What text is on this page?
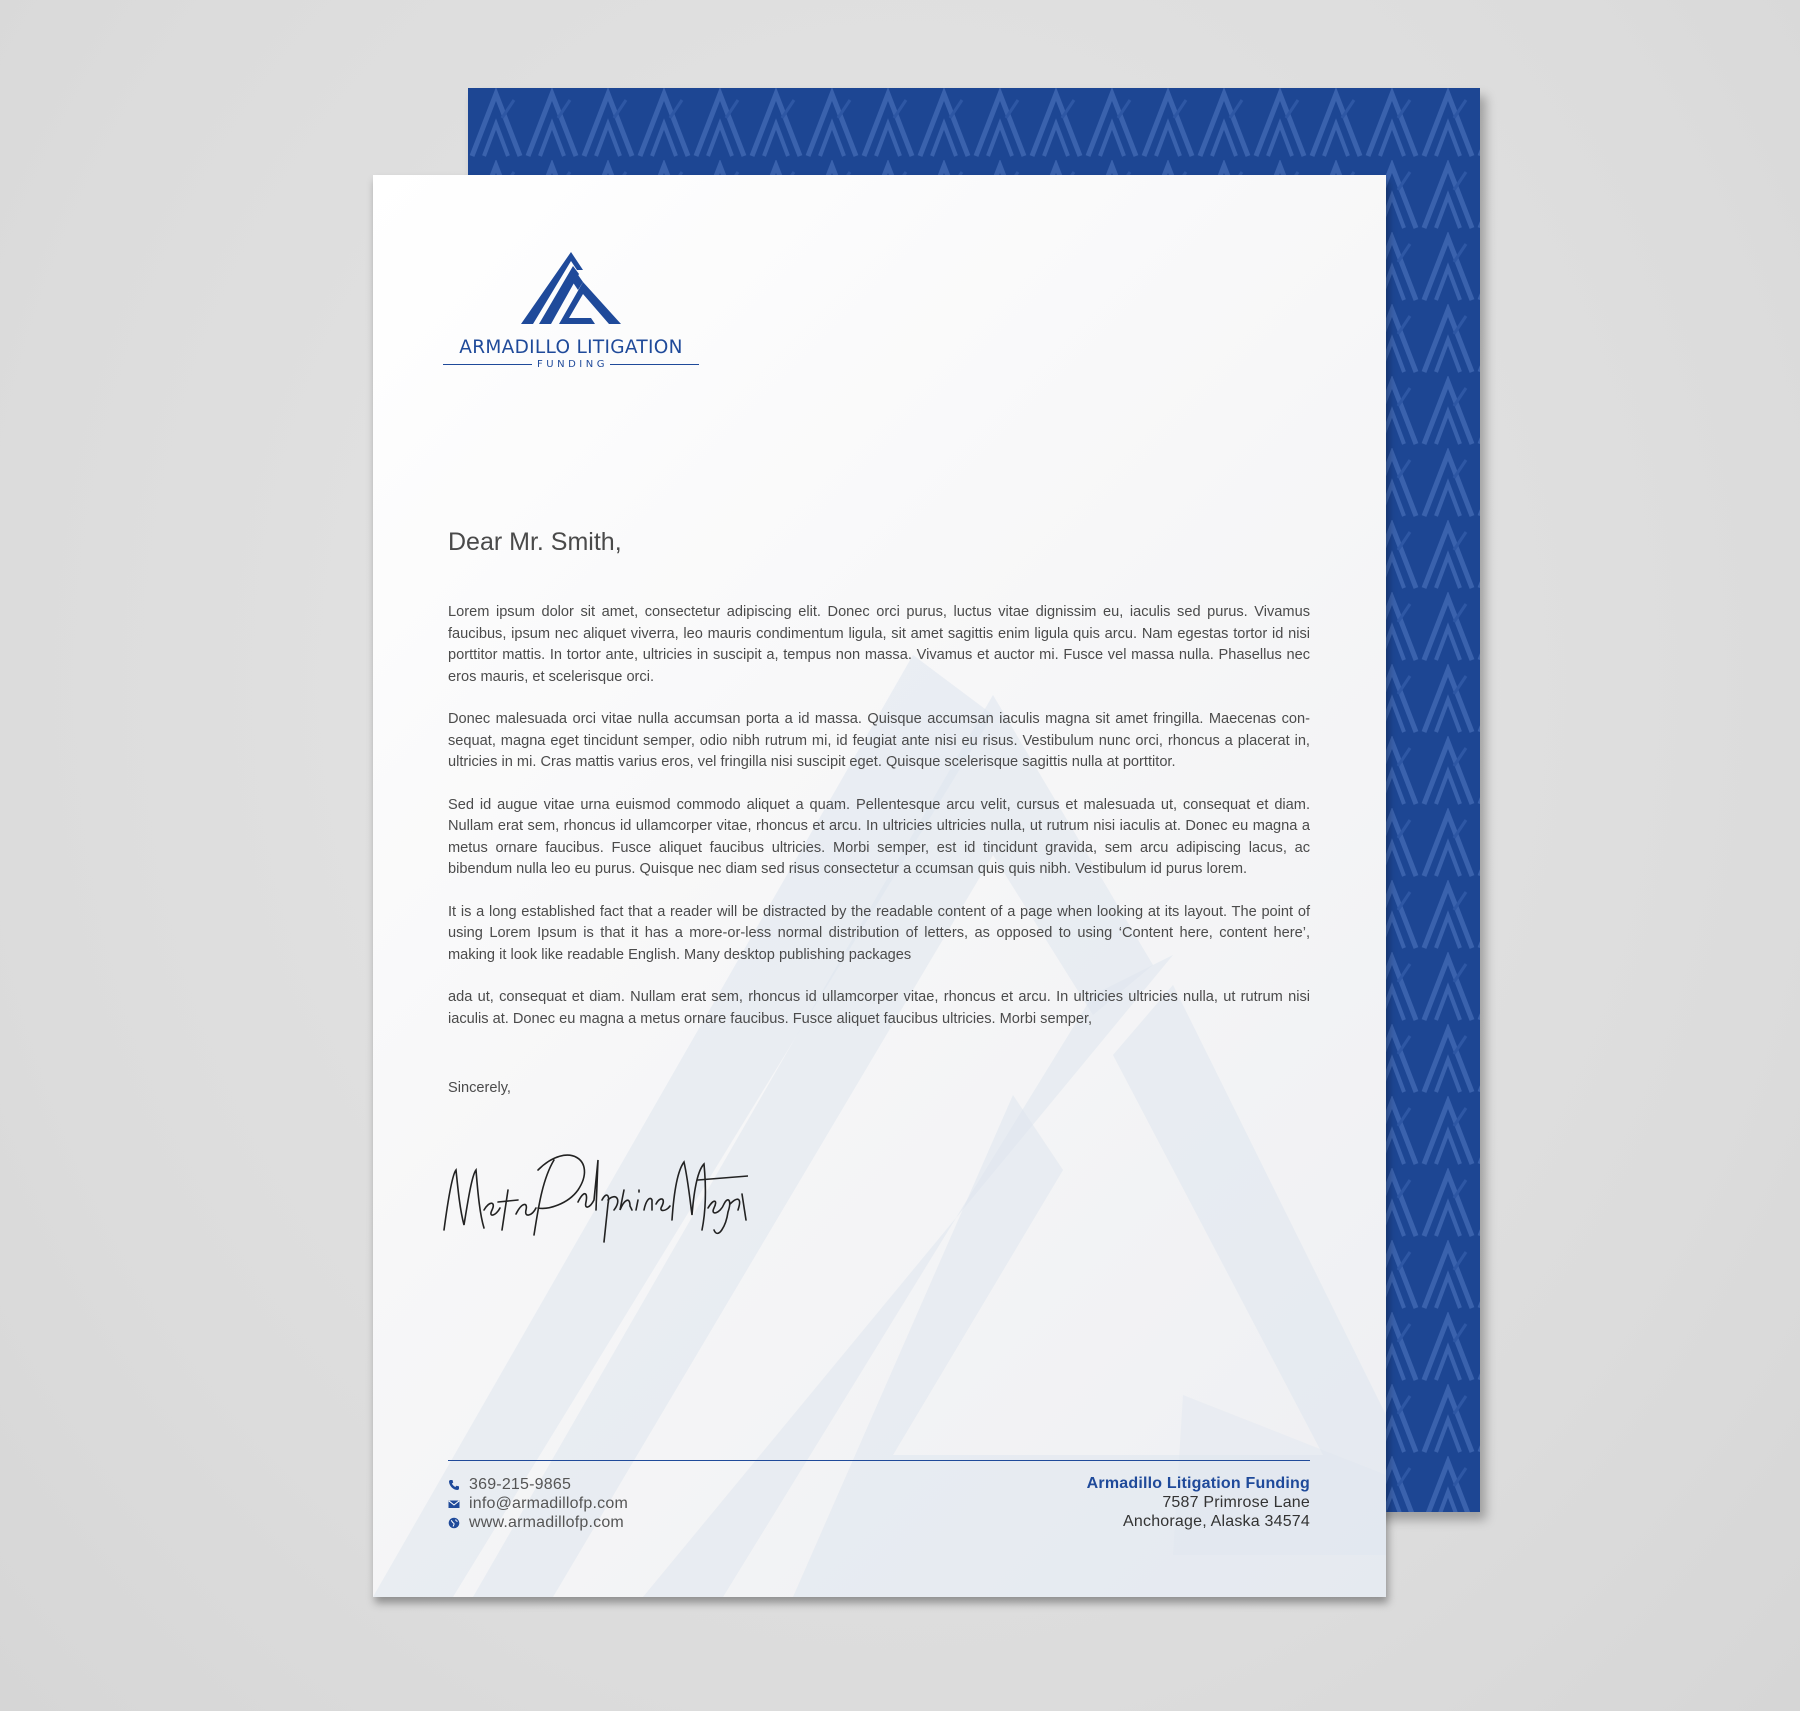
ARMADILLO LITIGATION
FUNDING
Dear Mr. Smith,

Lorem ipsum dolor sit amet, consectetur adipiscing elit. Donec orci purus, luctus vitae dignissim eu, iaculis sed purus. Vivamus faucibus, ipsum nec aliquet viverra, leo mauris condimentum ligula, sit amet sagittis enim ligula quis arcu. Nam egestas tortor id nisi porttitor mattis. In tortor ante, ultricies in suscipit a, tempus non massa. Vivamus et auctor mi. Fusce vel massa nulla. Phasellus nec eros mauris, et scelerisque orci.

Donec malesuada orci vitae nulla accumsan porta a id massa. Quisque accumsan iaculis magna sit amet fringilla. Maecenas con-sequat, magna eget tincidunt semper, odio nibh rutrum mi, id feugiat ante nisi eu risus. Vestibulum nunc orci, rhoncus a placerat in, ultricies in mi. Cras mattis varius eros, vel fringilla nisi suscipit eget. Quisque scelerisque sagittis nulla at porttitor.

Sed id augue vitae urna euismod commodo aliquet a quam. Pellentesque arcu velit, cursus et malesuada ut, consequat et diam. Nullam erat sem, rhoncus id ullamcorper vitae, rhoncus et arcu. In ultricies ultricies nulla, ut rutrum nisi iaculis at. Donec eu magna a metus ornare faucibus. Fusce aliquet faucibus ultricies. Morbi semper, est id tincidunt gravida, sem arcu adipiscing lacus, ac bibendum nulla leo eu purus. Quisque nec diam sed risus consectetur a ccumsan quis quis nibh. Vestibulum id purus lorem.

It is a long established fact that a reader will be distracted by the readable content of a page when looking at its layout. The point of using Lorem Ipsum is that it has a more-or-less normal distribution of letters, as opposed to using ‘Content here, content here’, making it look like readable English. Many desktop publishing packages

ada ut, consequat et diam. Nullam erat sem, rhoncus id ullamcorper vitae, rhoncus et arcu. In ultricies ultricies nulla, ut rutrum nisi iaculis at. Donec eu magna a metus ornare faucibus. Fusce aliquet faucibus ultricies. Morbi semper,

Sincerely,
369-215-9865
info@armadillofp.com
www.armadillofp.com
Armadillo Litigation Funding
7587 Primrose Lane
Anchorage, Alaska 34574
